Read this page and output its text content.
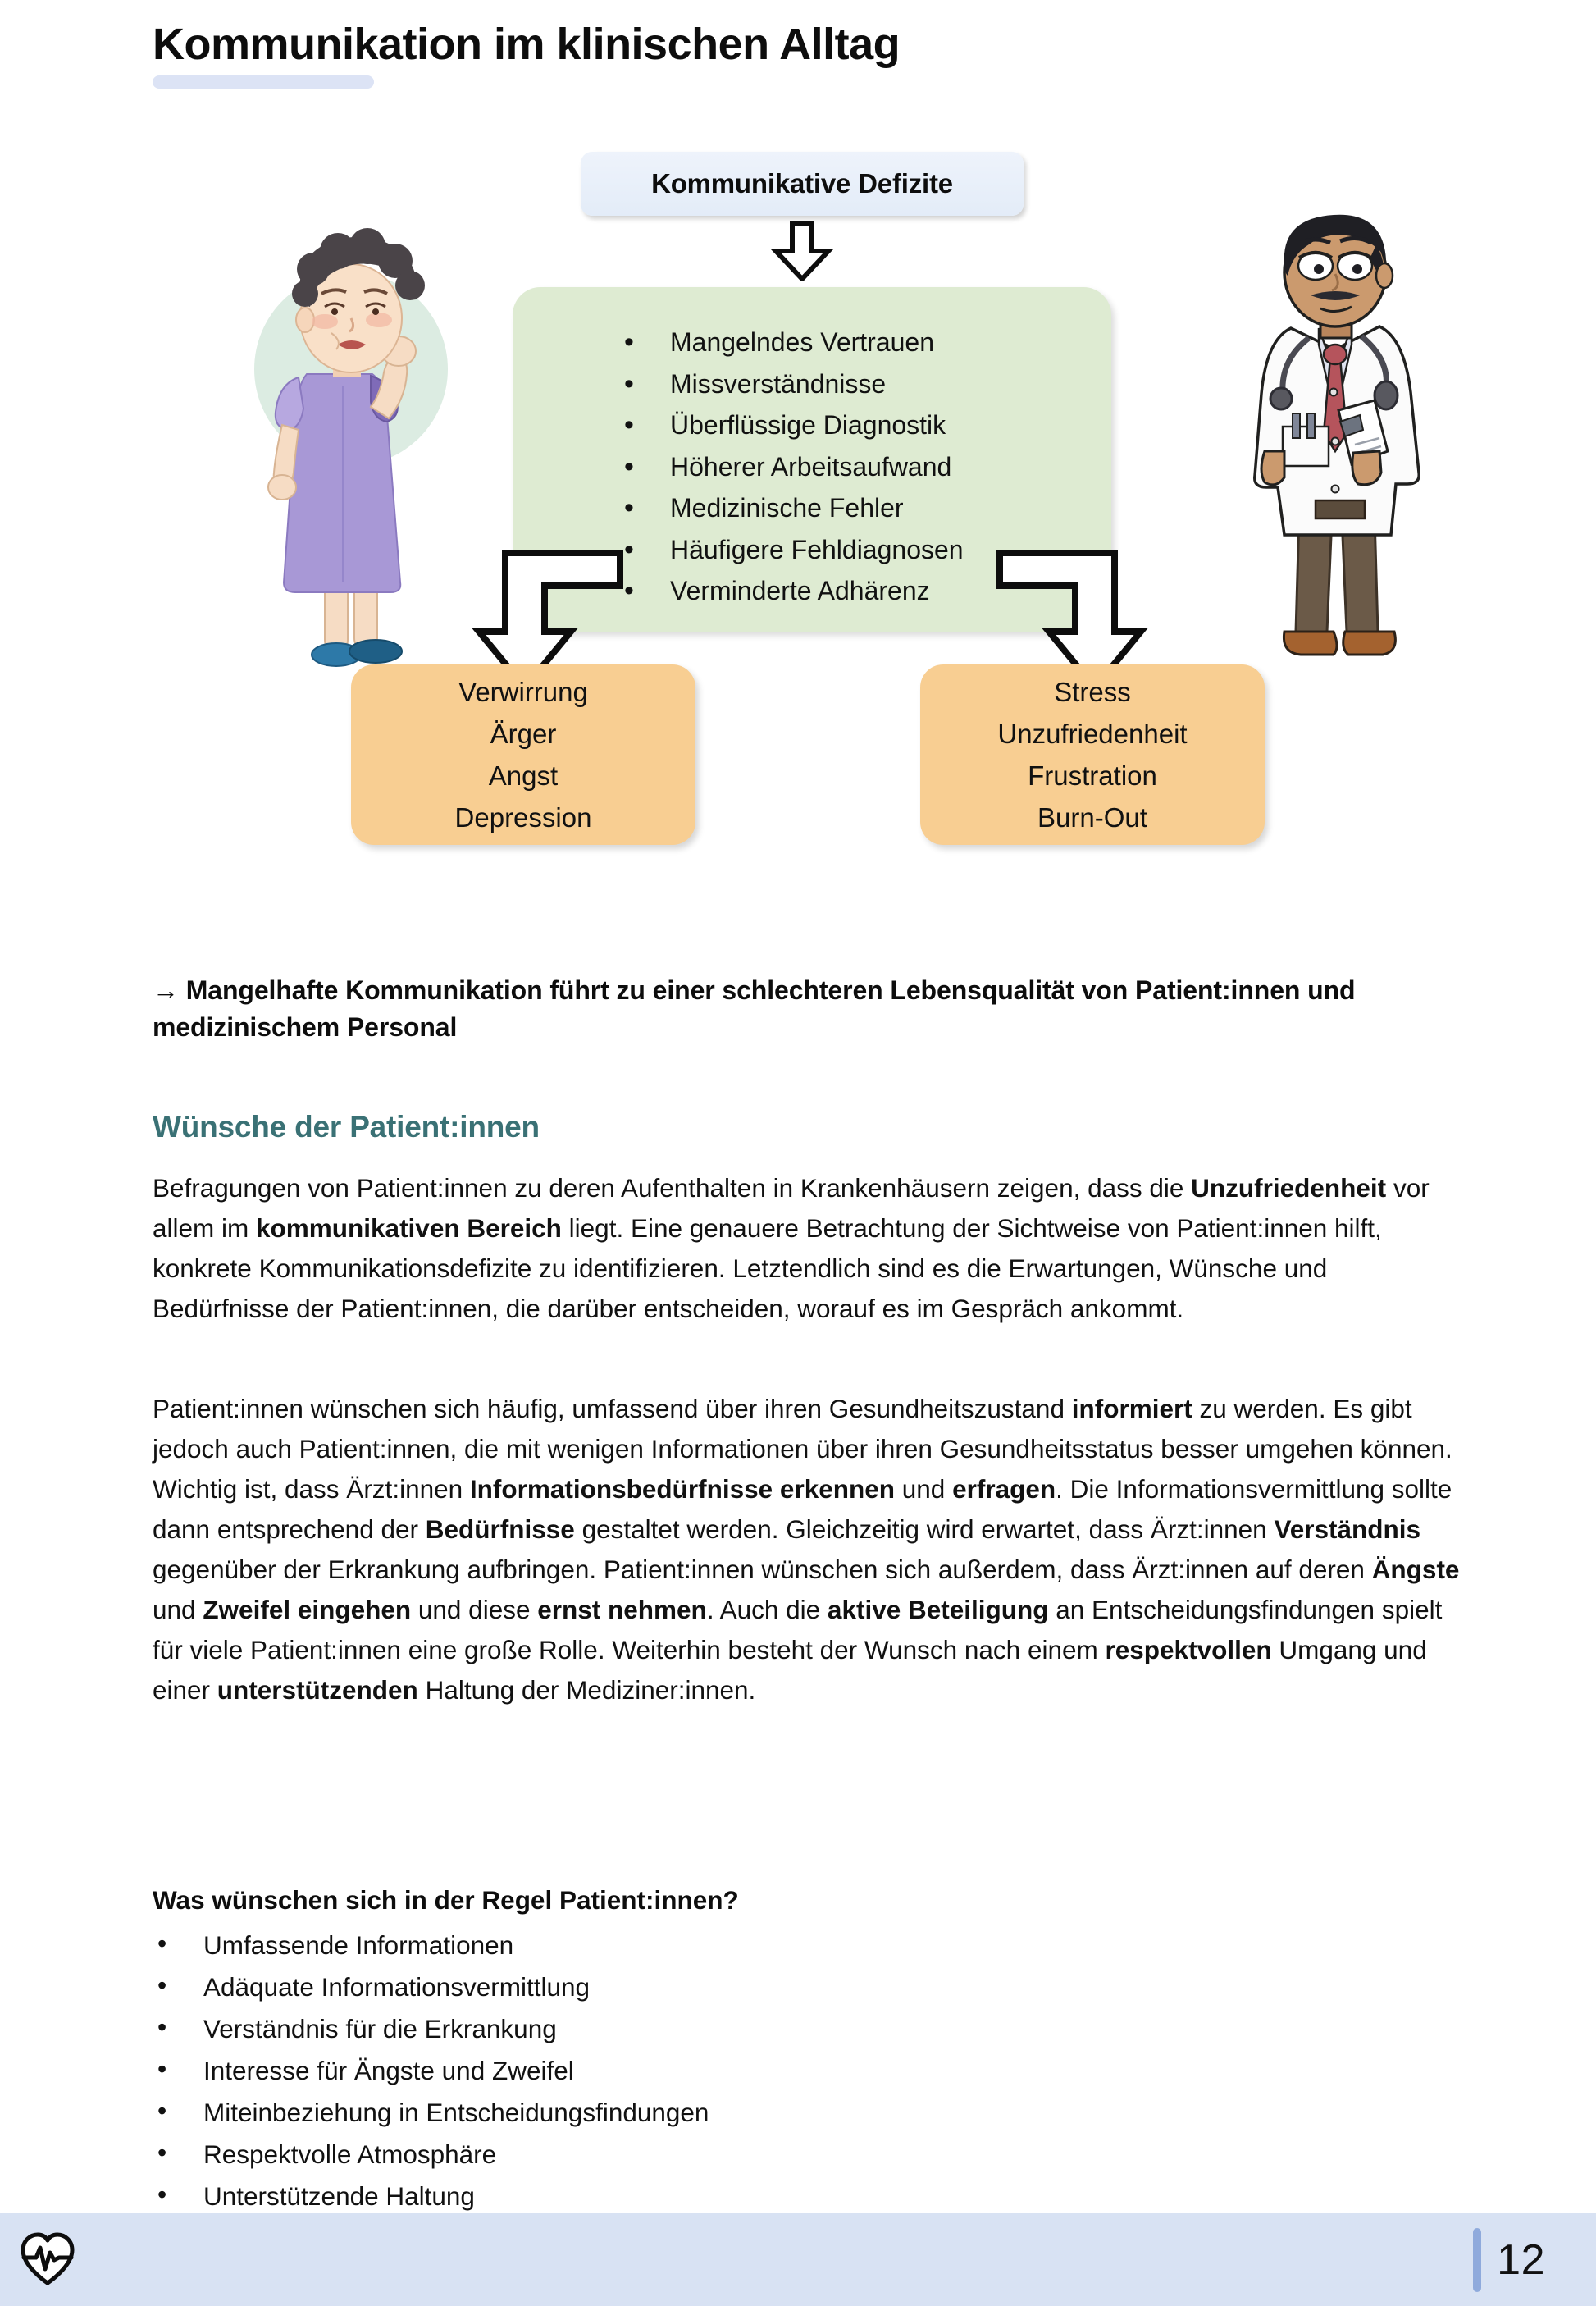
Kommunikation im klinischen Alltag
Kommunikative Defizite
• Mangelndes Vertrauen
• Missverständnisse
• Überflüssige Diagnostik
• Höherer Arbeitsaufwand
• Medizinische Fehler
• Häufigere Fehldiagnosen
• Verminderte Adhärenz
Verwirrung
Ärger
Angst
Depression
Stress
Unzufriedenheit
Frustration
Burn-Out
→ Mangelhafte Kommunikation führt zu einer schlechteren Lebensqualität von Patient:innen und medizinischem Personal
Wünsche der Patient:innen
Befragungen von Patient:innen zu deren Aufenthalten in Krankenhäusern zeigen, dass die Unzufriedenheit vor allem im kommunikativen Bereich liegt. Eine genauere Betrachtung der Sichtweise von Patient:innen hilft, konkrete Kommunikationsdefizite zu identifizieren. Letztendlich sind es die Erwartungen, Wünsche und Bedürfnisse der Patient:innen, die darüber entscheiden, worauf es im Gespräch ankommt.
Patient:innen wünschen sich häufig, umfassend über ihren Gesundheitszustand informiert zu werden. Es gibt jedoch auch Patient:innen, die mit wenigen Informationen über ihren Gesundheitsstatus besser umgehen können. Wichtig ist, dass Ärzt:innen Informationsbedürfnisse erkennen und erfragen. Die Informationsvermittlung sollte dann entsprechend der Bedürfnisse gestaltet werden. Gleichzeitig wird erwartet, dass Ärzt:innen Verständnis gegenüber der Erkrankung aufbringen. Patient:innen wünschen sich außerdem, dass Ärzt:innen auf deren Ängste und Zweifel eingehen und diese ernst nehmen. Auch die aktive Beteiligung an Entscheidungsfindungen spielt für viele Patient:innen eine große Rolle. Weiterhin besteht der Wunsch nach einem respektvollen Umgang und einer unterstützenden Haltung der Mediziner:innen.
Was wünschen sich in der Regel Patient:innen?
• Umfassende Informationen
• Adäquate Informationsvermittlung
• Verständnis für die Erkrankung
• Interesse für Ängste und Zweifel
• Miteinbeziehung in Entscheidungsfindungen
• Respektvolle Atmosphäre
• Unterstützende Haltung
12
